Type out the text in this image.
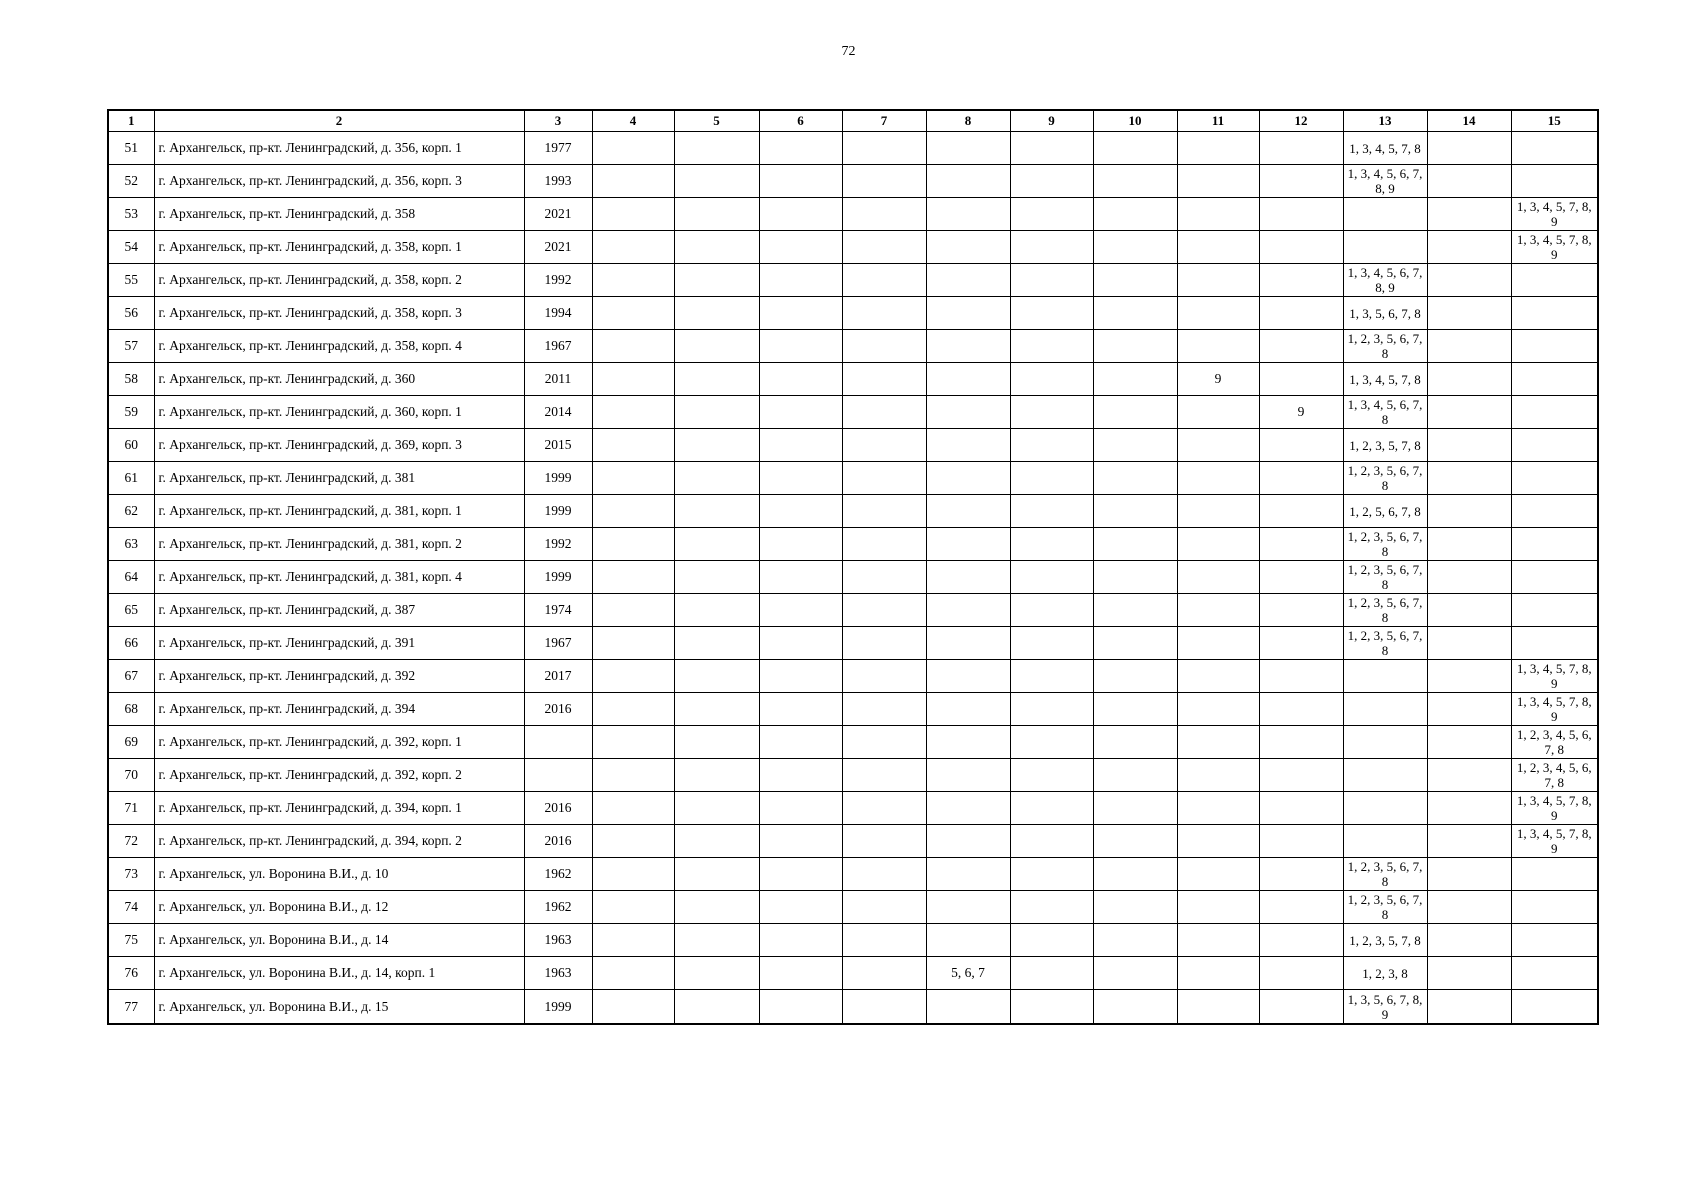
72
1	2	3	4	5	6	7	8	9	10	11	12	13	14	15
51	г. Архангельск, пр-кт. Ленинградский, д. 356, корп. 1	1977										1, 3, 4, 5, 7, 8		
52	г. Архангельск, пр-кт. Ленинградский, д. 356, корп. 3	1993										1, 3, 4, 5, 6, 7, 8, 9		
53	г. Архангельск, пр-кт. Ленинградский, д. 358	2021												1, 3, 4, 5, 7, 8, 9
54	г. Архангельск, пр-кт. Ленинградский, д. 358, корп. 1	2021												1, 3, 4, 5, 7, 8, 9
55	г. Архангельск, пр-кт. Ленинградский, д. 358, корп. 2	1992										1, 3, 4, 5, 6, 7, 8, 9		
56	г. Архангельск, пр-кт. Ленинградский, д. 358, корп. 3	1994										1, 3, 5, 6, 7, 8		
57	г. Архангельск, пр-кт. Ленинградский, д. 358, корп. 4	1967										1, 2, 3, 5, 6, 7, 8		
58	г. Архангельск, пр-кт. Ленинградский, д. 360	2011								9		1, 3, 4, 5, 7, 8		
59	г. Архангельск, пр-кт. Ленинградский, д. 360, корп. 1	2014									9	1, 3, 4, 5, 6, 7, 8		
60	г. Архангельск, пр-кт. Ленинградский, д. 369, корп. 3	2015										1, 2, 3, 5, 7, 8		
61	г. Архангельск, пр-кт. Ленинградский, д. 381	1999										1, 2, 3, 5, 6, 7, 8		
62	г. Архангельск, пр-кт. Ленинградский, д. 381, корп. 1	1999										1, 2, 5, 6, 7, 8		
63	г. Архангельск, пр-кт. Ленинградский, д. 381, корп. 2	1992										1, 2, 3, 5, 6, 7, 8		
64	г. Архангельск, пр-кт. Ленинградский, д. 381, корп. 4	1999										1, 2, 3, 5, 6, 7, 8		
65	г. Архангельск, пр-кт. Ленинградский, д. 387	1974										1, 2, 3, 5, 6, 7, 8		
66	г. Архангельск, пр-кт. Ленинградский, д. 391	1967										1, 2, 3, 5, 6, 7, 8		
67	г. Архангельск, пр-кт. Ленинградский, д. 392	2017												1, 3, 4, 5, 7, 8, 9
68	г. Архангельск, пр-кт. Ленинградский, д. 394	2016												1, 3, 4, 5, 7, 8, 9
69	г. Архангельск, пр-кт. Ленинградский, д. 392, корп. 1													1, 2, 3, 4, 5, 6, 7, 8
70	г. Архангельск, пр-кт. Ленинградский, д. 392, корп. 2													1, 2, 3, 4, 5, 6, 7, 8
71	г. Архангельск, пр-кт. Ленинградский, д. 394, корп. 1	2016												1, 3, 4, 5, 7, 8, 9
72	г. Архангельск, пр-кт. Ленинградский, д. 394, корп. 2	2016												1, 3, 4, 5, 7, 8, 9
73	г. Архангельск, ул. Воронина В.И., д. 10	1962										1, 2, 3, 5, 6, 7, 8		
74	г. Архангельск, ул. Воронина В.И., д. 12	1962										1, 2, 3, 5, 6, 7, 8		
75	г. Архангельск, ул. Воронина В.И., д. 14	1963										1, 2, 3, 5, 7, 8		
76	г. Архангельск, ул. Воронина В.И., д. 14, корп. 1	1963					5, 6, 7					1, 2, 3, 8		
77	г. Архангельск, ул. Воронина В.И., д. 15	1999										1, 3, 5, 6, 7, 8, 9		
